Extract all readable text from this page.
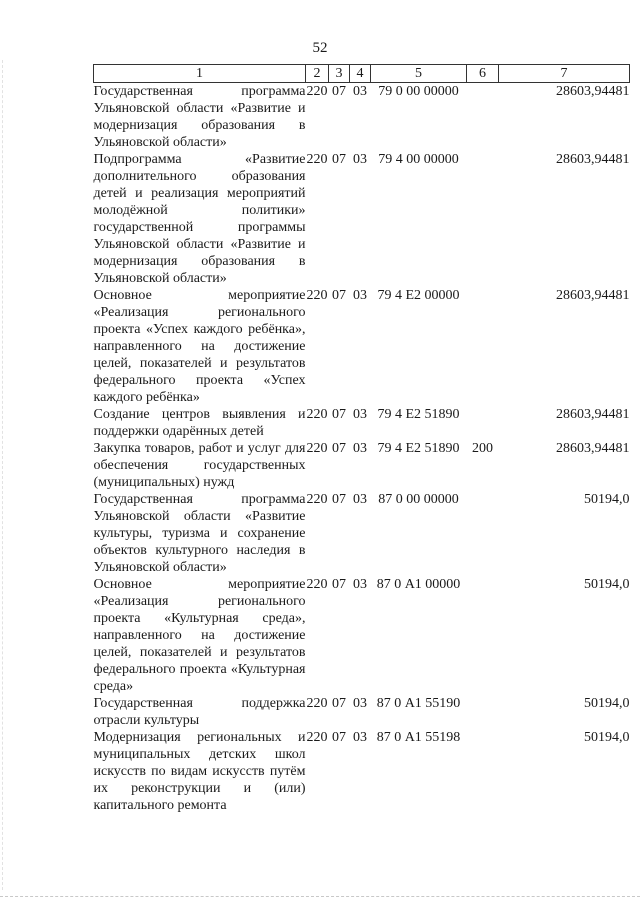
52
1	2	3	4	5	6	7
Государственная программа Ульяновской области «Развитие и модернизация образования в Ульяновской области»	220	07	03	79 0 00 00000		28603,94481
Подпрограмма «Развитие дополнительного образования детей и реализация мероприятий молодёжной политики» государственной программы Ульяновской области «Развитие и модернизация образования в Ульяновской области»	220	07	03	79 4 00 00000		28603,94481
Основное мероприятие «Реализация регионального проекта «Успех каждого ребёнка», направленного на достижение целей, показателей и результатов федерального проекта «Успех каждого ребёнка»	220	07	03	79 4 Е2 00000		28603,94481
Создание центров выявления и поддержки одарённых детей	220	07	03	79 4 Е2 51890		28603,94481
Закупка товаров, работ и услуг для обеспечения государственных (муниципальных) нужд	220	07	03	79 4 Е2 51890	200	28603,94481
Государственная программа Ульяновской области «Развитие культуры, туризма и сохранение объектов культурного наследия в Ульяновской области»	220	07	03	87 0 00 00000		50194,0
Основное мероприятие «Реализация регионального проекта «Культурная среда», направленного на достижение целей, показателей и результатов федерального проекта «Культурная среда»	220	07	03	87 0 А1 00000		50194,0
Государственная поддержка отрасли культуры	220	07	03	87 0 А1 55190		50194,0
Модернизация региональных и муниципальных детских школ искусств по видам искусств путём их реконструкции и (или) капитального ремонта	220	07	03	87 0 А1 55198		50194,0
